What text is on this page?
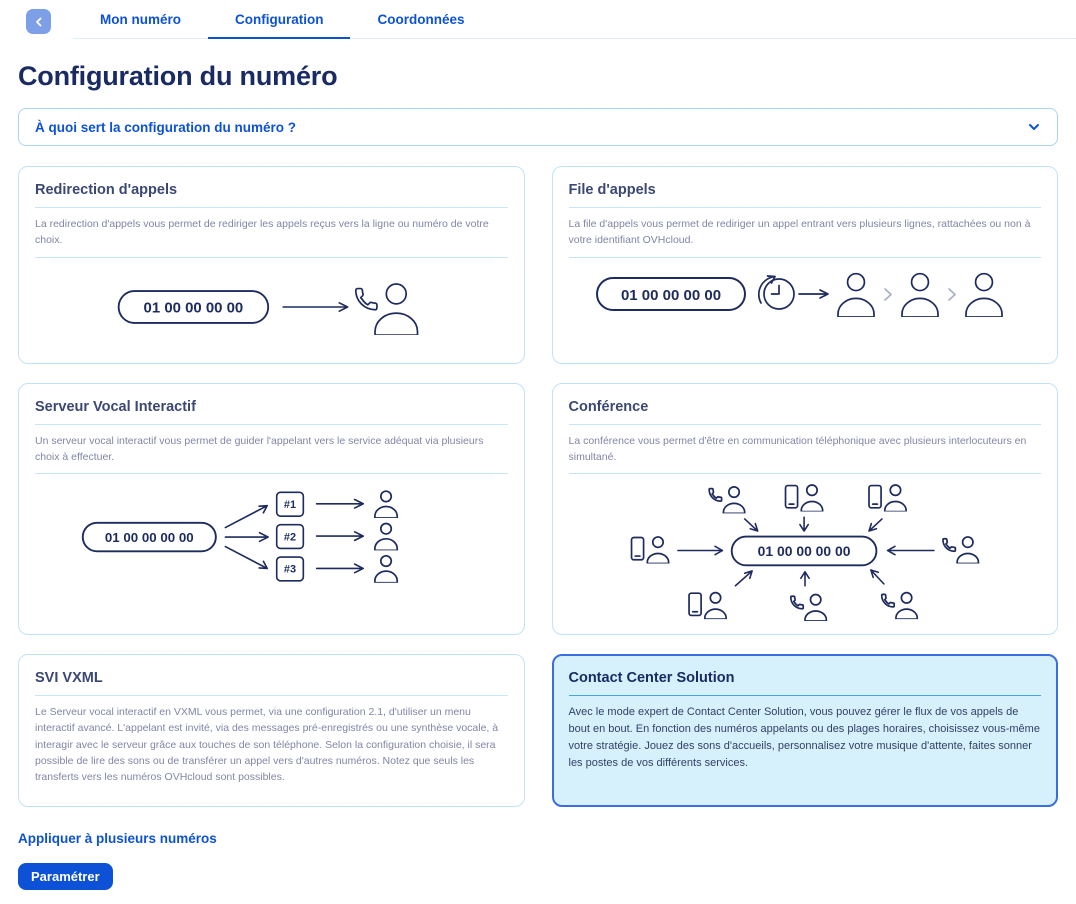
Mon numéro	Configuration	Coordonnées
Configuration du numéro
À quoi sert la configuration du numéro ?
Redirection d'appels

La redirection d'appels vous permet de rediriger les appels reçus vers la ligne ou numéro de votre choix.

01 00 00 00 00
File d'appels

La file d'appels vous permet de rediriger un appel entrant vers plusieurs lignes, rattachées ou non à votre identifiant OVHcloud.

01 00 00 00 00
Serveur Vocal Interactif

Un serveur vocal interactif vous permet de guider l'appelant vers le service adéquat via plusieurs choix à effectuer.

01 00 00 00 00
#1
#2
#3
Conférence

La conférence vous permet d'être en communication téléphonique avec plusieurs interlocuteurs en simultané.

01 00 00 00 00
SVI VXML

Le Serveur vocal interactif en VXML vous permet, via une configuration 2.1, d'utiliser un menu interactif avancé. L'appelant est invité, via des messages pré-enregistrés ou une synthèse vocale, à interagir avec le serveur grâce aux touches de son téléphone. Selon la configuration choisie, il sera possible de lire des sons ou de transférer un appel vers d'autres numéros. Notez que seuls les transferts vers les numéros OVHcloud sont possibles.

Contact Center Solution

Avec le mode expert de Contact Center Solution, vous pouvez gérer le flux de vos appels de bout en bout. En fonction des numéros appelants ou des plages horaires, choisissez vous-même votre stratégie. Jouez des sons d'accueils, personnalisez votre musique d'attente, faites sonner les postes de vos différents services.

Appliquer à plusieurs numéros
Paramétrer
